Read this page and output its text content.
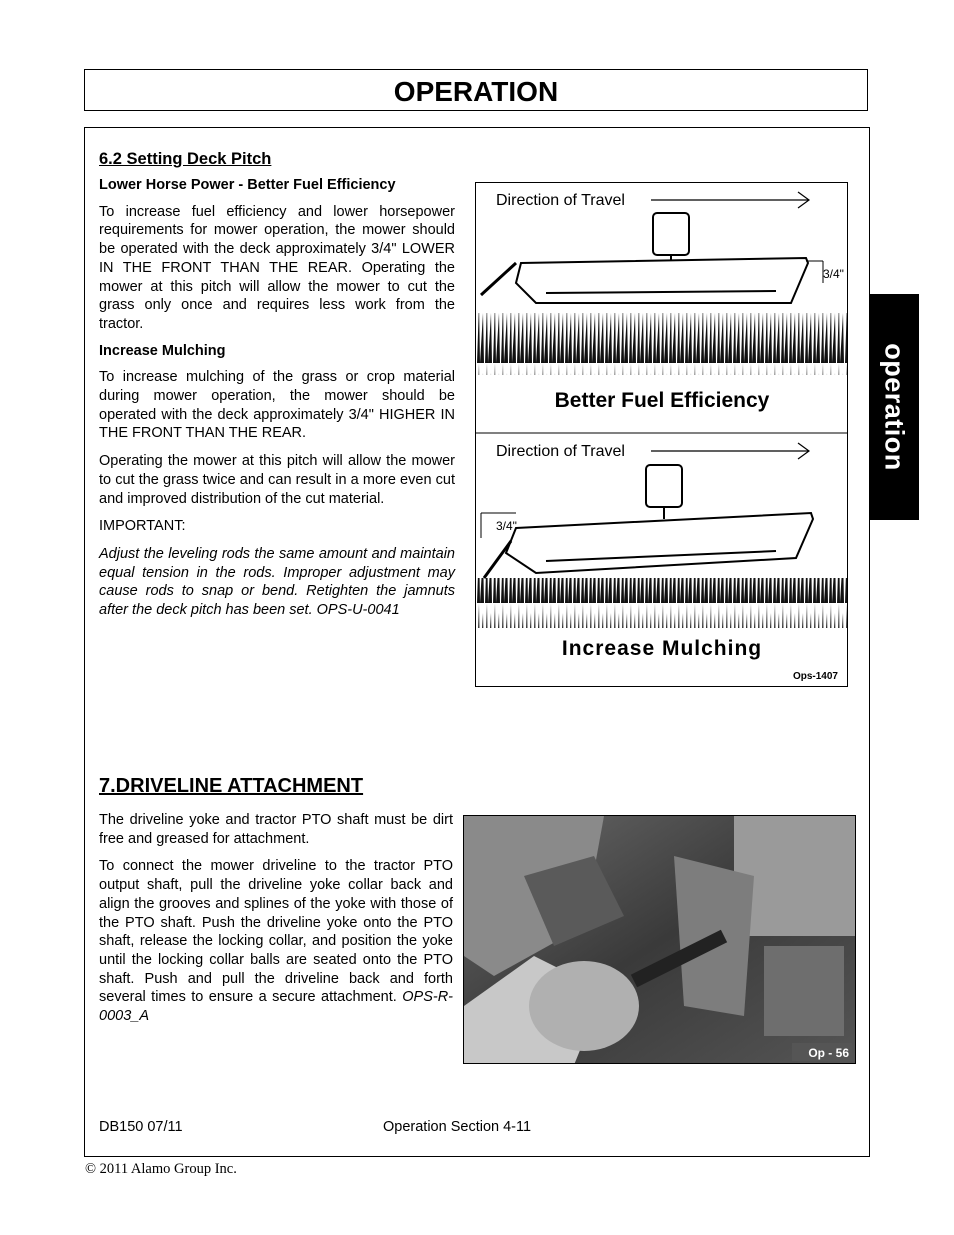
OPERATION
operation
6.2 Setting Deck Pitch
Lower Horse Power - Better Fuel Efficiency

To increase fuel efficiency and lower horsepower requirements for mower operation, the mower should be operated with the deck approximately 3/4" LOWER IN THE FRONT THAN THE REAR. Operating the mower at this pitch will allow the mower to cut the grass only once and requires less work from the tractor.

Increase Mulching

To increase mulching of the grass or crop material during mower operation, the mower should be operated with the deck approximately 3/4" HIGHER IN THE FRONT THAN THE REAR.

Operating the mower at this pitch will allow the mower to cut the grass twice and can result in a more even cut and improved distribution of the cut material.

IMPORTANT:

Adjust the leveling rods the same amount and maintain equal tension in the rods. Improper adjustment may cause rods to snap or bend. Retighten the jamnuts after the deck pitch has been set. OPS-U-0041

Direction of Travel
3/4"
Better Fuel Efficiency
Direction of Travel
3/4"
Increase Mulching
Ops-1407
7.DRIVELINE ATTACHMENT

The driveline yoke and tractor PTO shaft must be dirt free and greased for attachment.

To connect the mower driveline to the tractor PTO output shaft, pull the driveline yoke collar back and align the grooves and splines of the yoke with those of the PTO shaft. Push the driveline yoke onto the PTO shaft, release the locking collar, and position the yoke until the locking collar balls are seated onto the PTO shaft. Push and pull the driveline back and forth several times to ensure a secure attachment. OPS-R-0003_A

Op - 56
DB150 07/11	Operation Section 4-11
© 2011 Alamo Group Inc.
